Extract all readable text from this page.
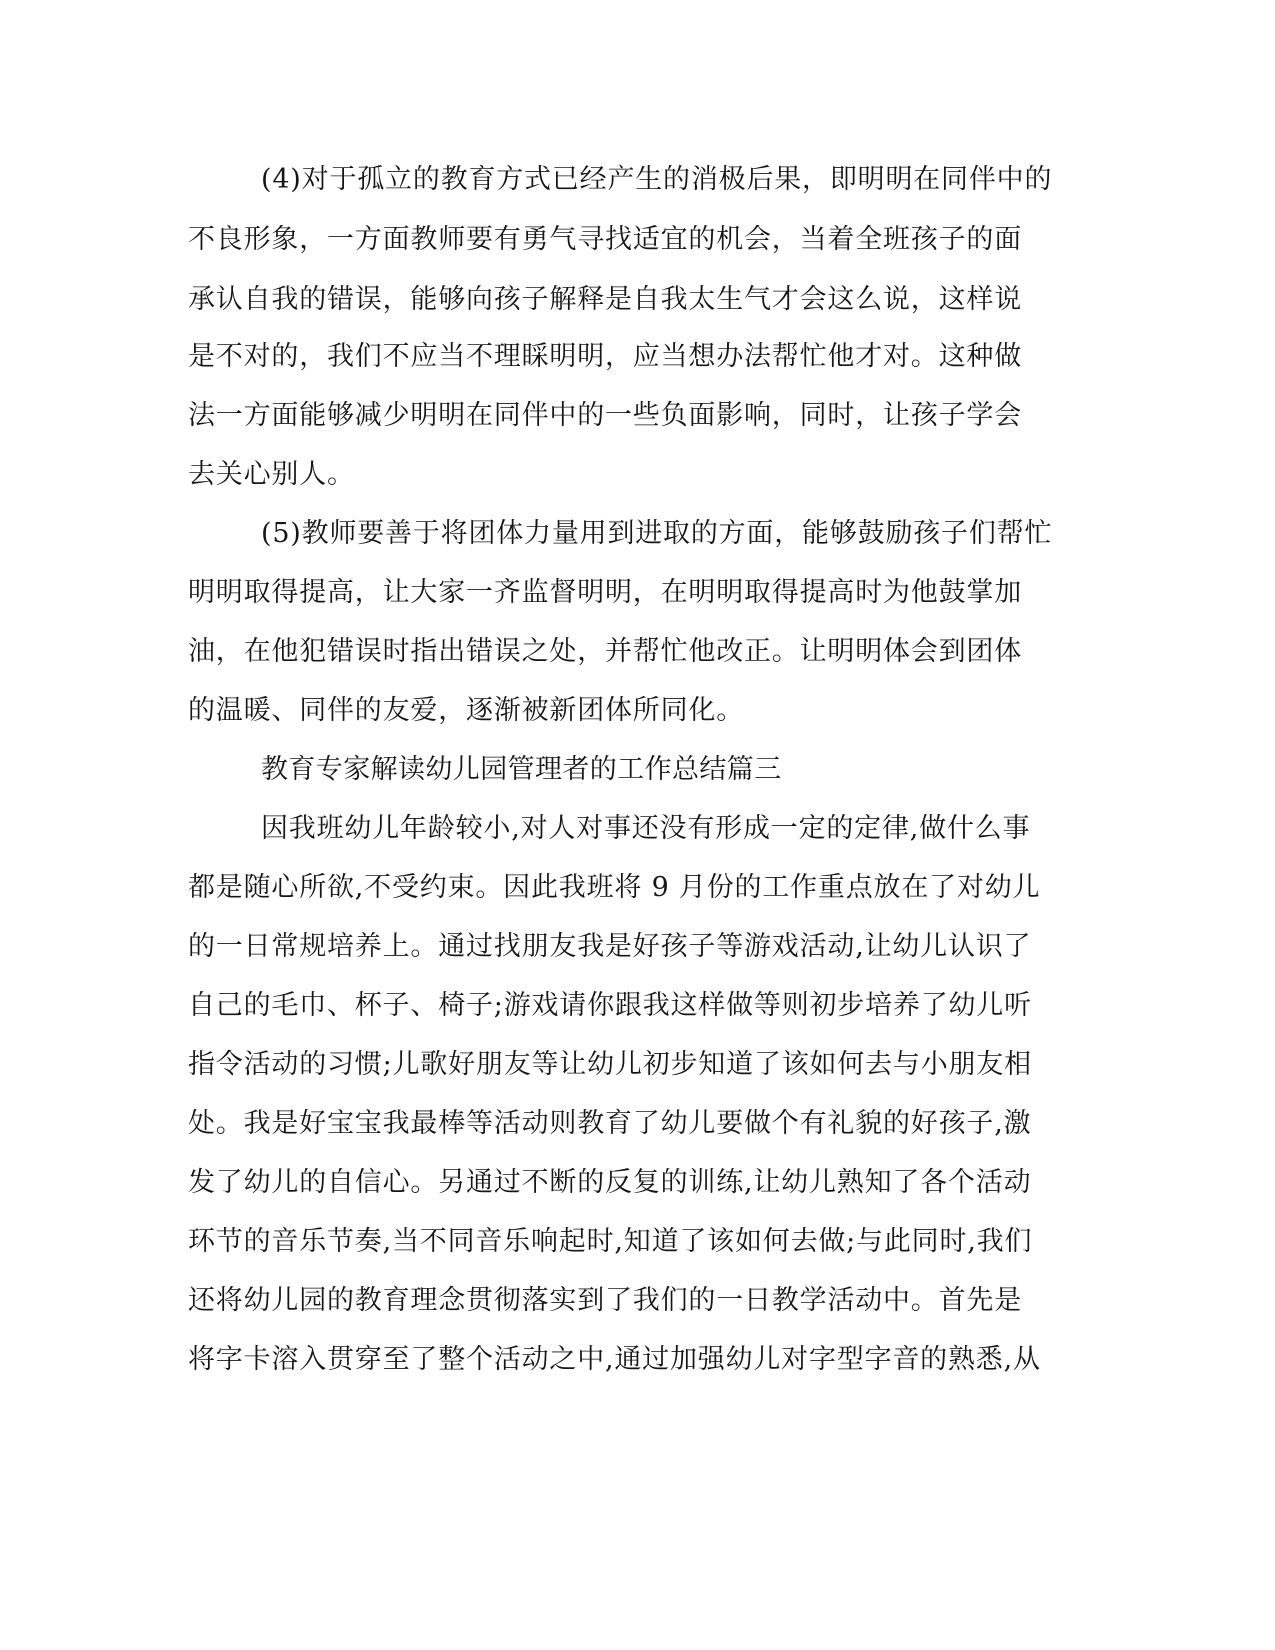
(4)对于孤立的教育方式已经产生的消极后果，即明明在同伴中的

不良形象，一方面教师要有勇气寻找适宜的机会，当着全班孩子的面

承认自我的错误，能够向孩子解释是自我太生气才会这么说，这样说

是不对的，我们不应当不理睬明明，应当想办法帮忙他才对。这种做

法一方面能够减少明明在同伴中的一些负面影响，同时，让孩子学会

去关心别人。

(5)教师要善于将团体力量用到进取的方面，能够鼓励孩子们帮忙

明明取得提高，让大家一齐监督明明，在明明取得提高时为他鼓掌加

油，在他犯错误时指出错误之处，并帮忙他改正。让明明体会到团体

的温暖、同伴的友爱，逐渐被新团体所同化。

教育专家解读幼儿园管理者的工作总结篇三

因我班幼儿年龄较小,对人对事还没有形成一定的定律,做什么事

都是随心所欲,不受约束。因此我班将 9 月份的工作重点放在了对幼儿

的一日常规培养上。通过找朋友我是好孩子等游戏活动,让幼儿认识了

自己的毛巾、杯子、椅子;游戏请你跟我这样做等则初步培养了幼儿听

指令活动的习惯;儿歌好朋友等让幼儿初步知道了该如何去与小朋友相

处。我是好宝宝我最棒等活动则教育了幼儿要做个有礼貌的好孩子,激

发了幼儿的自信心。另通过不断的反复的训练,让幼儿熟知了各个活动

环节的音乐节奏,当不同音乐响起时,知道了该如何去做;与此同时,我们

还将幼儿园的教育理念贯彻落实到了我们的一日教学活动中。首先是

将字卡溶入贯穿至了整个活动之中,通过加强幼儿对字型字音的熟悉,从
